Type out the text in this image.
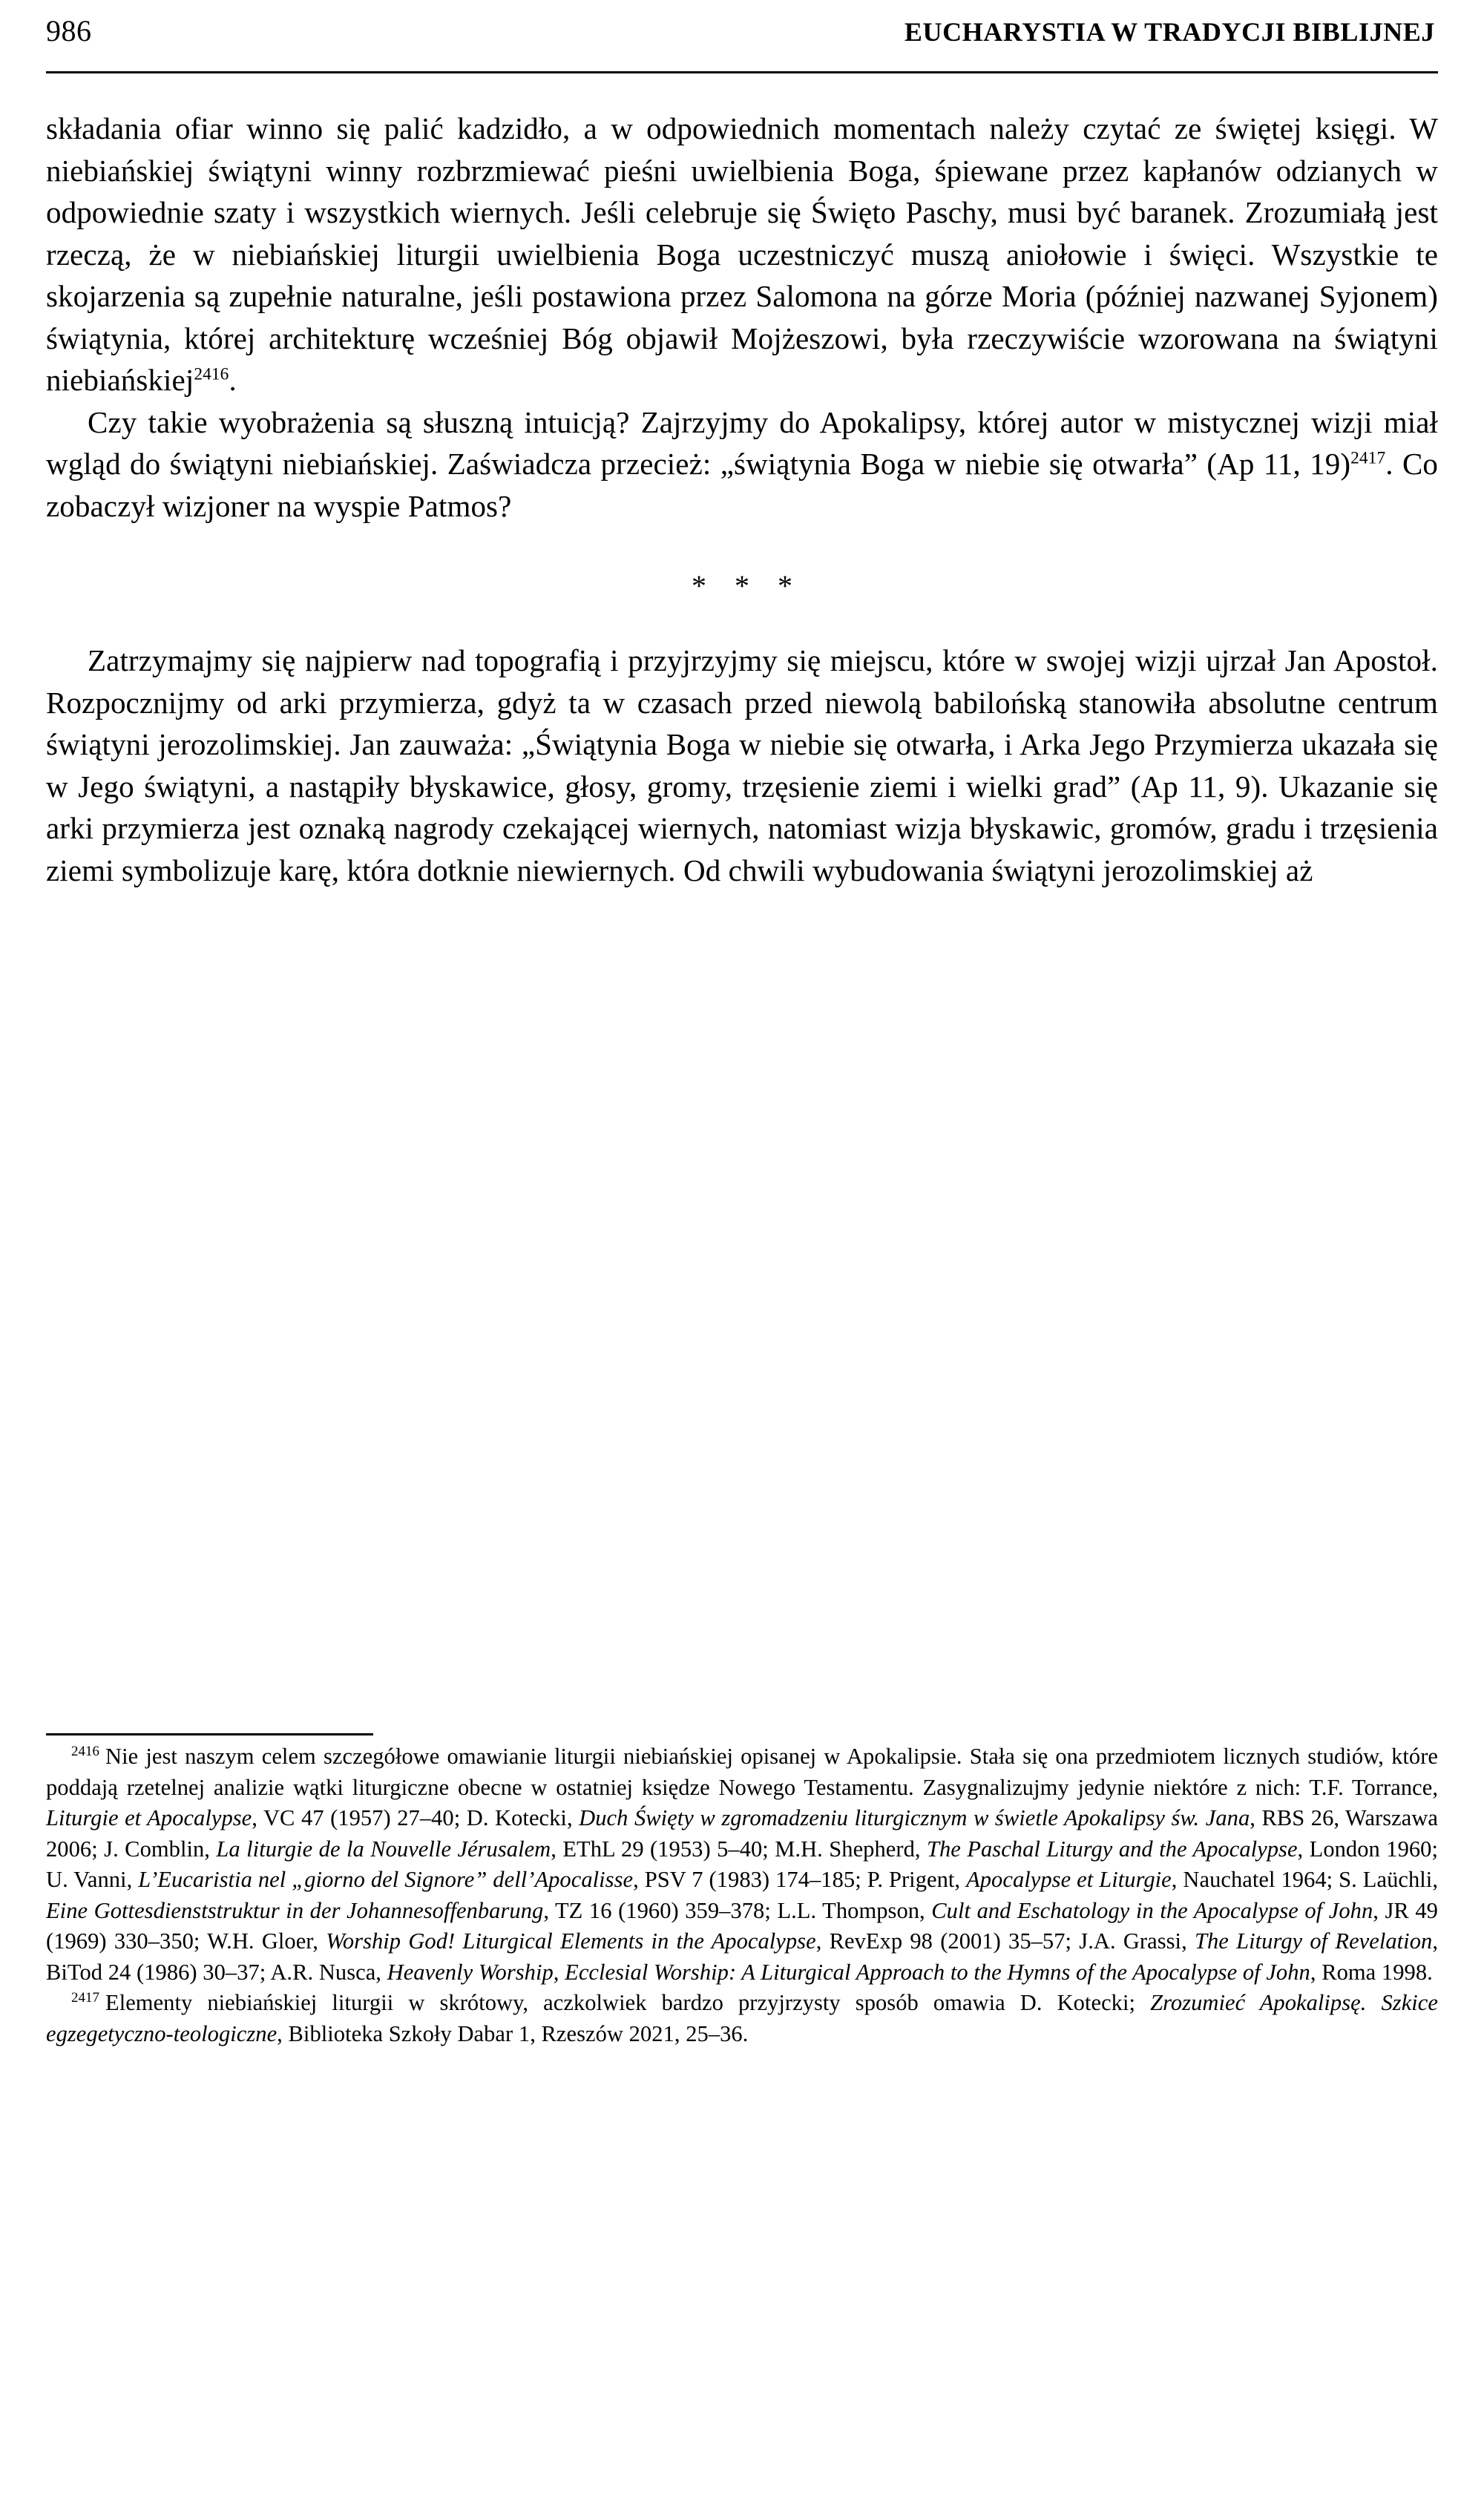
986	EUCHARYSTIA W TRADYCJI BIBLIJNEJ

składania ofiar winno się palić kadzidło, a w odpowiednich momentach należy czytać ze świętej księgi. W niebiańskiej świątyni winny rozbrzmiewać pieśni uwielbienia Boga, śpiewane przez kapłanów odzianych w odpowiednie szaty i wszystkich wiernych. Jeśli celebruje się Święto Paschy, musi być baranek. Zrozumiałą jest rzeczą, że w niebiańskiej liturgii uwielbienia Boga uczestniczyć muszą aniołowie i święci. Wszystkie te skojarzenia są zupełnie naturalne, jeśli postawiona przez Salomona na górze Moria (później nazwanej Syjonem) świątynia, której architekturę wcześniej Bóg objawił Mojżeszowi, była rzeczywiście wzorowana na świątyni niebiańskiej$^{2416}$.

Czy takie wyobrażenia są słuszną intuicją? Zajrzyjmy do Apokalipsy, której autor w mistycznej wizji miał wgląd do świątyni niebiańskiej. Zaświadcza przecież: „świątynia Boga w niebie się otwarła” (Ap 11, 19)$^{2417}$. Co zobaczył wizjoner na wyspie Patmos?

* * *

Zatrzymajmy się najpierw nad topografią i przyjrzyjmy się miejscu, które w swojej wizji ujrzał Jan Apostoł. Rozpocznijmy od arki przymierza, gdyż ta w czasach przed niewolą babilońską stanowiła absolutne centrum świątyni jerozolimskiej. Jan zauważa: „Świątynia Boga w niebie się otwarła, i Arka Jego Przymierza ukazała się w Jego świątyni, a nastąpiły błyskawice, głosy, gromy, trzęsienie ziemi i wielki grad” (Ap 11, 9). Ukazanie się arki przymierza jest oznaką nagrody czekającej wiernych, natomiast wizja błyskawic, gromów, gradu i trzęsienia ziemi symbolizuje karę, która dotknie niewiernych. Od chwili wybudowania świątyni jerozolimskiej aż

$^{2416}$ Nie jest naszym celem szczegółowe omawianie liturgii niebiańskiej opisanej w Apokalipsie. Stała się ona przedmiotem licznych studiów, które poddają rzetelnej analizie wątki liturgiczne obecne w ostatniej księdze Nowego Testamentu. Zasygnalizujmy jedynie niektóre z nich: T.F. Torrance, Liturgie et Apocalypse, VC 47 (1957) 27–40; D. Kotecki, Duch Święty w zgromadzeniu liturgicznym w świetle Apokalipsy św. Jana, RBS 26, Warszawa 2006; J. Comblin, La liturgie de la Nouvelle Jérusalem, EThL 29 (1953) 5–40; M.H. Shepherd, The Paschal Liturgy and the Apocalypse, London 1960; U. Vanni, L’Eucaristia nel „giorno del Signore” dell’Apocalisse, PSV 7 (1983) 174–185; P. Prigent, Apocalypse et Liturgie, Nauchatel 1964; S. Laüchli, Eine Gottesdienststruktur in der Johannesoffenbarung, TZ 16 (1960) 359–378; L.L. Thompson, Cult and Eschatology in the Apocalypse of John, JR 49 (1969) 330–350; W.H. Gloer, Worship God! Liturgical Elements in the Apocalypse, RevExp 98 (2001) 35–57; J.A. Grassi, The Liturgy of Revelation, BiTod 24 (1986) 30–37; A.R. Nusca, Heavenly Worship, Ecclesial Worship: A Liturgical Approach to the Hymns of the Apocalypse of John, Roma 1998.

$^{2417}$ Elementy niebiańskiej liturgii w skrótowy, aczkolwiek bardzo przyjrzysty sposób omawia D. Kotecki; Zrozumieć Apokalipsę. Szkice egzegetyczno-teologiczne, Biblioteka Szkoły Dabar 1, Rzeszów 2021, 25–36.
